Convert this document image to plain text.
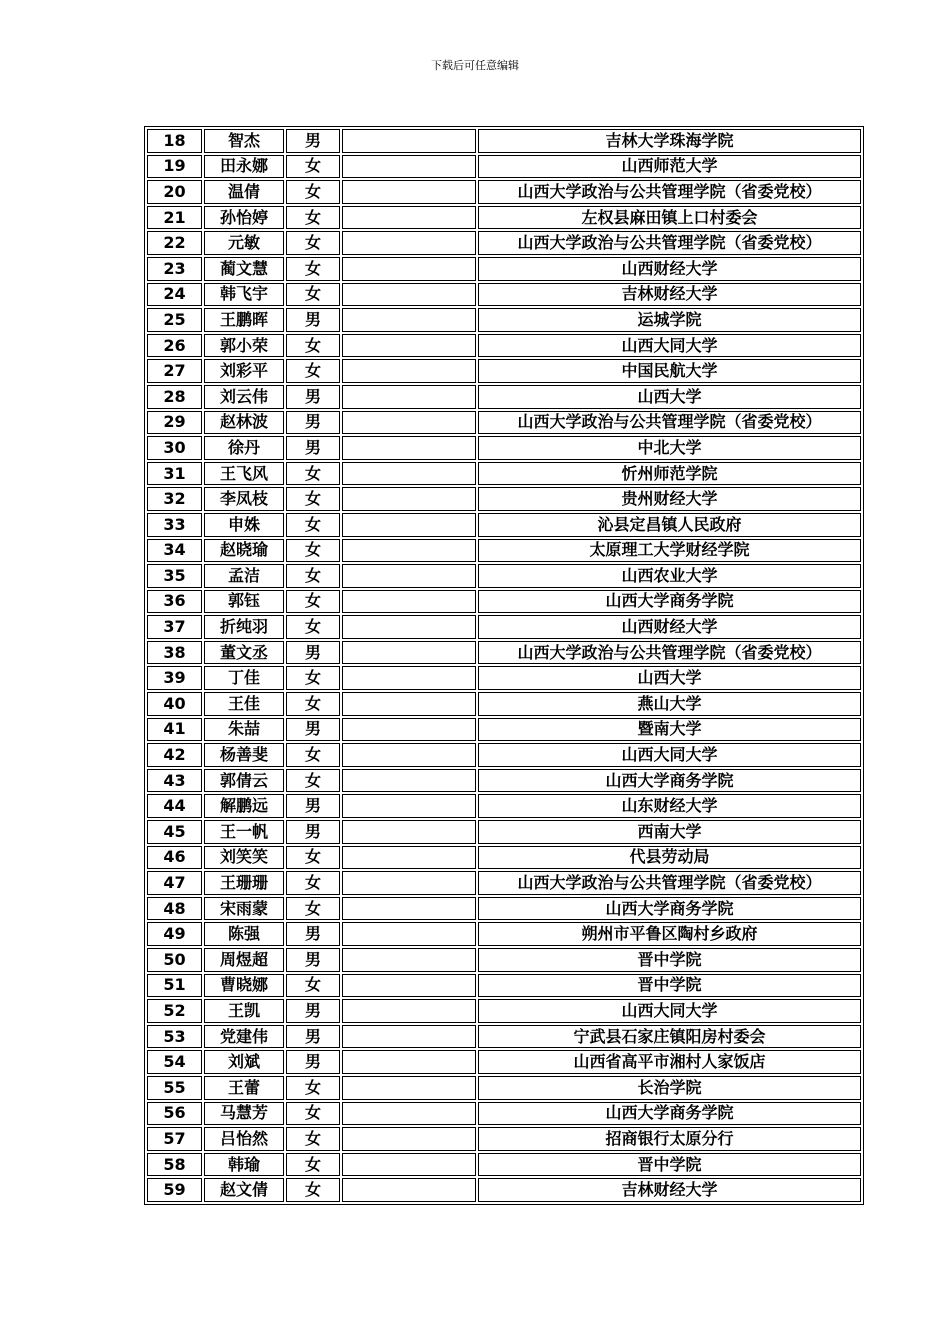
下载后可任意编辑
18	智杰	男		吉林大学珠海学院
19	田永娜	女		山西师范大学
20	温倩	女		山西大学政治与公共管理学院（省委党校）
21	孙怡婷	女		左权县麻田镇上口村委会
22	元敏	女		山西大学政治与公共管理学院（省委党校）
23	蔺文慧	女		山西财经大学
24	韩飞宇	女		吉林财经大学
25	王鹏晖	男		运城学院
26	郭小荣	女		山西大同大学
27	刘彩平	女		中国民航大学
28	刘云伟	男		山西大学
29	赵林波	男		山西大学政治与公共管理学院（省委党校）
30	徐丹	男		中北大学
31	王飞风	女		忻州师范学院
32	李凤枝	女		贵州财经大学
33	申姝	女		沁县定昌镇人民政府
34	赵晓瑜	女		太原理工大学财经学院
35	孟洁	女		山西农业大学
36	郭钰	女		山西大学商务学院
37	折纯羽	女		山西财经大学
38	董文丞	男		山西大学政治与公共管理学院（省委党校）
39	丁佳	女		山西大学
40	王佳	女		燕山大学
41	朱喆	男		暨南大学
42	杨善斐	女		山西大同大学
43	郭倩云	女		山西大学商务学院
44	解鹏远	男		山东财经大学
45	王一帆	男		西南大学
46	刘笑笑	女		代县劳动局
47	王珊珊	女		山西大学政治与公共管理学院（省委党校）
48	宋雨蒙	女		山西大学商务学院
49	陈强	男		朔州市平鲁区陶村乡政府
50	周煜超	男		晋中学院
51	曹晓娜	女		晋中学院
52	王凯	男		山西大同大学
53	党建伟	男		宁武县石家庄镇阳房村委会
54	刘斌	男		山西省高平市湘村人家饭店
55	王蕾	女		长治学院
56	马慧芳	女		山西大学商务学院
57	吕怡然	女		招商银行太原分行
58	韩瑜	女		晋中学院
59	赵文倩	女		吉林财经大学
